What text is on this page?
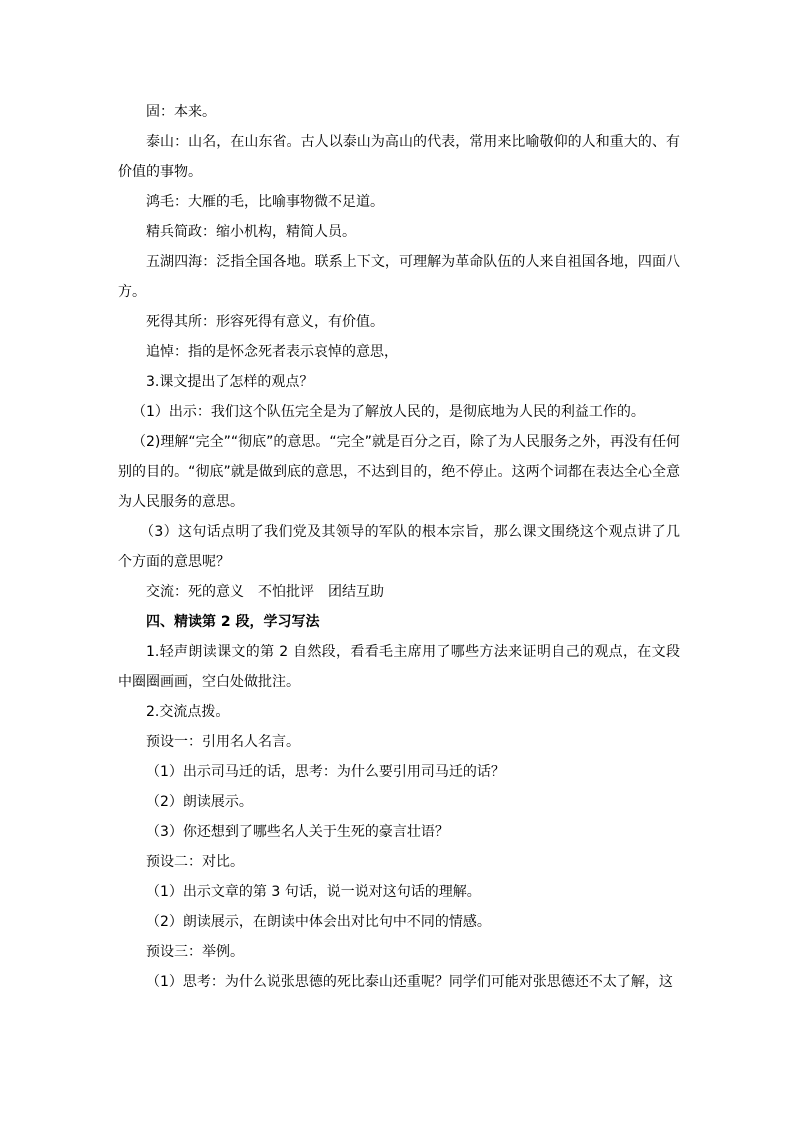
固：本来。

泰山：山名，在山东省。古人以泰山为高山的代表，常用来比喻敬仰的人和重大的、有价值的事物。

鸿毛：大雁的毛，比喻事物微不足道。

精兵简政：缩小机构，精简人员。

五湖四海：泛指全国各地。联系上下文，可理解为革命队伍的人来自祖国各地，四面八方。

死得其所：形容死得有意义，有价值。

追悼：指的是怀念死者表示哀悼的意思，

3.课文提出了怎样的观点？

（1）出示：我们这个队伍完全是为了解放人民的，是彻底地为人民的利益工作的。

（2)理解“完全”“彻底”的意思。“完全”就是百分之百，除了为人民服务之外，再没有任何别的目的。“彻底”就是做到底的意思，不达到目的，绝不停止。这两个词都在表达全心全意为人民服务的意思。

（3）这句话点明了我们党及其领导的军队的根本宗旨，那么课文围绕这个观点讲了几个方面的意思呢？

交流：死的意义　不怕批评　团结互助

四、精读第 2 段，学习写法

1.轻声朗读课文的第 2 自然段，看看毛主席用了哪些方法来证明自己的观点，在文段中圈圈画画，空白处做批注。

2.交流点拨。

预设一：引用名人名言。

（1）出示司马迁的话，思考：为什么要引用司马迁的话？

（2）朗读展示。

（3）你还想到了哪些名人关于生死的豪言壮语？

预设二：对比。

（1）出示文章的第 3 句话，说一说对这句话的理解。

（2）朗读展示，在朗读中体会出对比句中不同的情感。

预设三：举例。

（1）思考：为什么说张思德的死比泰山还重呢？同学们可能对张思德还不太了解，这
